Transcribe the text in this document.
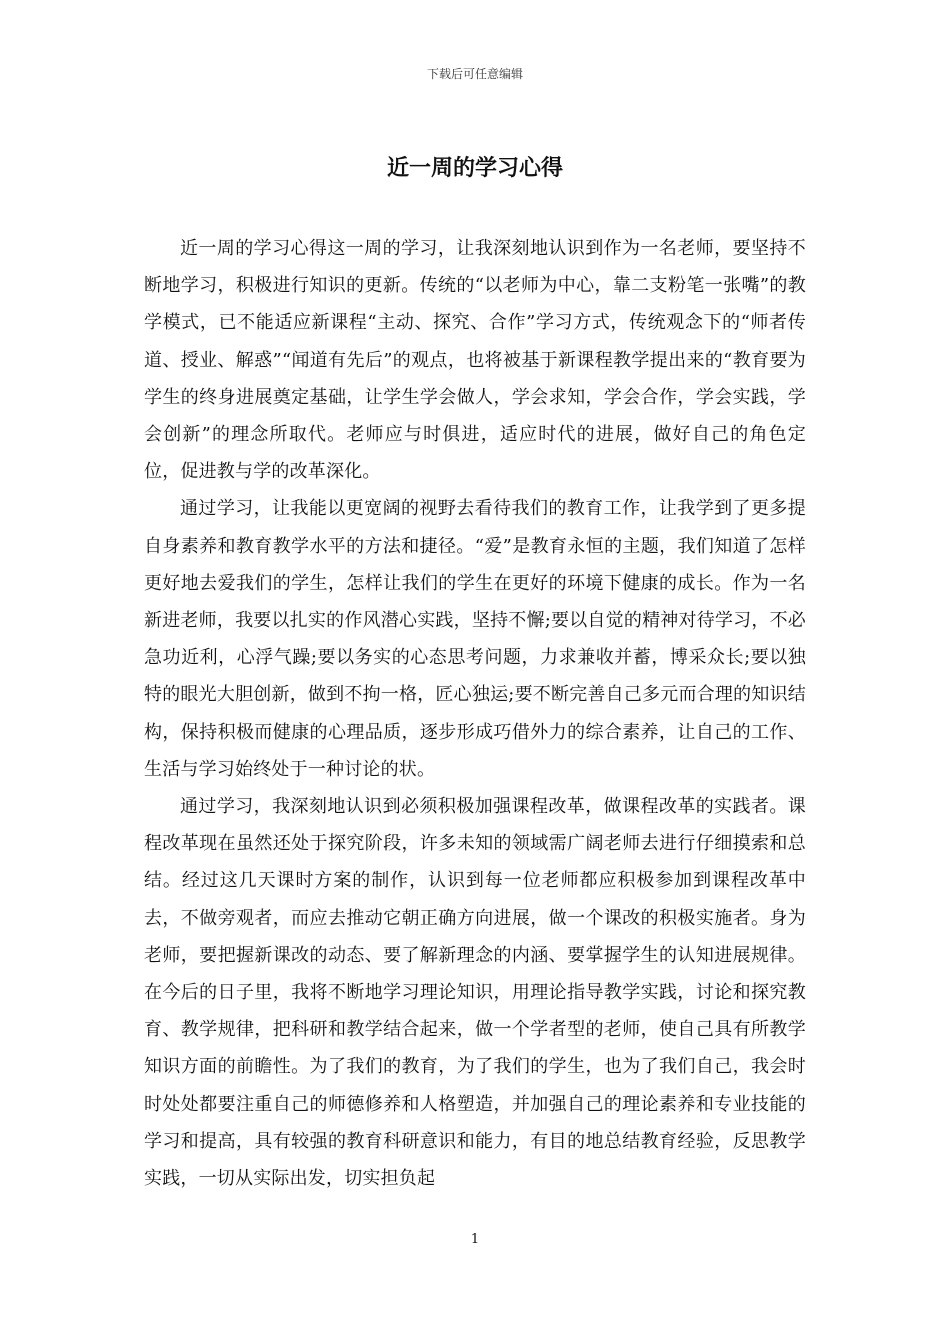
下载后可任意编辑
近一周的学习心得

近一周的学习心得这一周的学习，让我深刻地认识到作为一名老师，要坚持不断地学习，积极进行知识的更新。传统的“以老师为中心，靠二支粉笔一张嘴”的教学模式，已不能适应新课程“主动、探究、合作”学习方式，传统观念下的“师者传道、授业、解惑”“闻道有先后”的观点，也将被基于新课程教学提出来的“教育要为学生的终身进展奠定基础，让学生学会做人，学会求知，学会合作，学会实践，学会创新”的理念所取代。老师应与时俱进，适应时代的进展，做好自己的角色定位，促进教与学的改革深化。

通过学习，让我能以更宽阔的视野去看待我们的教育工作，让我学到了更多提自身素养和教育教学水平的方法和捷径。“爱”是教育永恒的主题，我们知道了怎样更好地去爱我们的学生，怎样让我们的学生在更好的环境下健康的成长。作为一名新进老师，我要以扎实的作风潜心实践，坚持不懈;要以自觉的精神对待学习，不必急功近利，心浮气躁;要以务实的心态思考问题，力求兼收并蓄，博采众长;要以独特的眼光大胆创新，做到不拘一格，匠心独运;要不断完善自己多元而合理的知识结构，保持积极而健康的心理品质，逐步形成巧借外力的综合素养，让自己的工作、生活与学习始终处于一种讨论的状。

通过学习，我深刻地认识到必须积极加强课程改革，做课程改革的实践者。课程改革现在虽然还处于探究阶段，许多未知的领域需广阔老师去进行仔细摸索和总结。经过这几天课时方案的制作，认识到每一位老师都应积极参加到课程改革中去，不做旁观者，而应去推动它朝正确方向进展，做一个课改的积极实施者。身为老师，要把握新课改的动态、要了解新理念的内涵、要掌握学生的认知进展规律。在今后的日子里，我将不断地学习理论知识，用理论指导教学实践，讨论和探究教育、教学规律，把科研和教学结合起来，做一个学者型的老师，使自己具有所教学知识方面的前瞻性。为了我们的教育，为了我们的学生，也为了我们自己，我会时时处处都要注重自己的师德修养和人格塑造，并加强自己的理论素养和专业技能的学习和提高，具有较强的教育科研意识和能力，有目的地总结教育经验，反思教学实践，一切从实际出发，切实担负起

1
